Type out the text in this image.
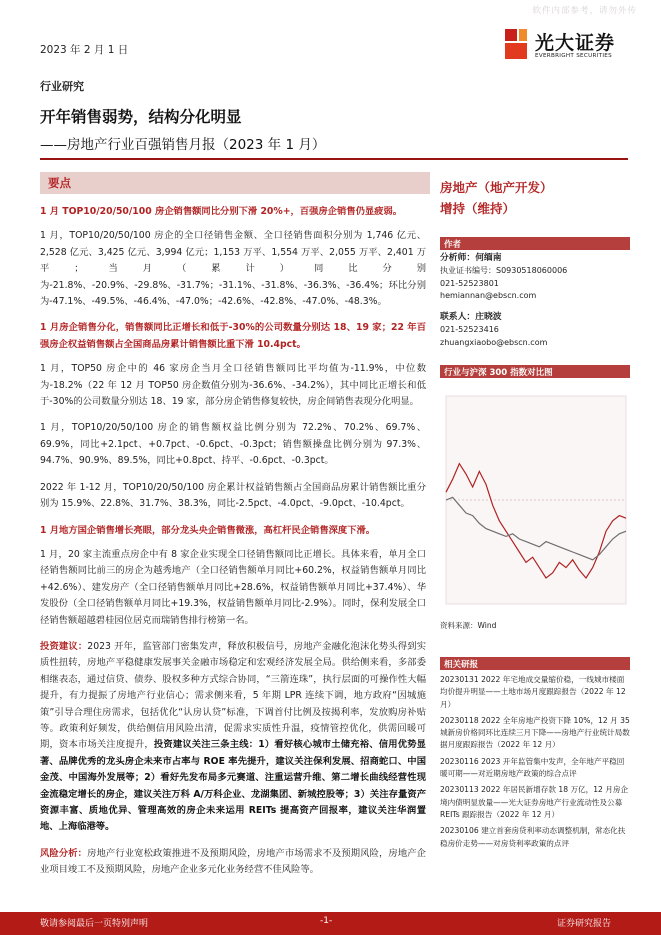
软件内部参考，请勿外传
2023 年 2 月 1 日	光大证券
EVERBRIGHT SECURITIES
行业研究
开年销售弱势，结构分化明显
——房地产行业百强销售月报（2023 年 1 月）
要点

1 月 TOP10/20/50/100 房企销售额同比分别下滑 20%+，百强房企销售仍显疲弱。

1 月，TOP10/20/50/100 房企的全口径销售金额、全口径销售面积分别为 1,746 亿元、2,528 亿元、3,425 亿元、3,994 亿元；1,153 万平、1,554 万平、2,055 万平、2,401 万平；当月（累计）同比分别为-21.8%、-20.9%、-29.8%、-31.7%；-31.1%、-31.8%、-36.3%、-36.4%；环比分别为-47.1%、-49.5%、-46.4%、-47.0%；-42.6%、-42.8%、-47.0%、-48.3%。

1 月房企销售分化，销售额同比正增长和低于-30%的公司数量分别达 18、19 家；22 年百强房企权益销售额占全国商品房累计销售额比重下滑 10.4pct。

1 月，TOP50 房企中的 46 家房企当月全口径销售额同比平均值为-11.9%，中位数为-18.2%（22 年 12 月 TOP50 房企数值分别为-36.6%、-34.2%），其中同比正增长和低于-30%的公司数量分别达 18、19 家，部分房企销售修复较快，房企间销售表现分化明显。

1 月，TOP10/20/50/100 房企的销售额权益比例分别为 72.2%、70.2%、69.7%、69.9%，同比+2.1pct、+0.7pct、-0.6pct、-0.3pct；销售额操盘比例分别为 97.3%、94.7%、90.9%、89.5%，同比+0.8pct、持平、-0.6pct、-0.3pct。

2022 年 1-12 月，TOP10/20/50/100 房企累计权益销售额占全国商品房累计销售额比重分别为 15.9%、22.8%、31.7%、38.3%，同比-2.5pct、-4.0pct、-9.0pct、-10.4pct。

1 月地方国企销售增长亮眼，部分龙头央企销售微涨，高杠杆民企销售深度下滑。

1 月，20 家主流重点房企中有 8 家企业实现全口径销售额同比正增长。具体来看，单月全口径销售额同比前三的房企为越秀地产（全口径销售额单月同比+60.2%，权益销售额单月同比+42.6%）、建发房产（全口径销售额单月同比+28.6%，权益销售额单月同比+37.4%）、华发股份（全口径销售额单月同比+19.3%，权益销售额单月同比-2.9%）。同时，保利发展全口径销售额超越碧桂园位居克而瑞销售排行榜第一名。

投资建议：2023 开年，监管部门密集发声，释放积极信号，房地产金融化泡沫化势头得到实质性扭转，房地产平稳健康发展事关金融市场稳定和宏观经济发展全局。供给侧来看，多部委相继表态，通过信贷、债券、股权多种方式综合协同，“三箭连珠”，执行层面的可操作性大幅提升，有力提振了房地产行业信心；需求侧来看，5 年期 LPR 连续下调，地方政府“因城施策”引导合理住房需求，包括优化“认房认贷”标准，下调首付比例及按揭利率，发放购房补贴等。政策利好频发，供给侧信用风险出清，促需求实质性升温，疫情管控优化，供需回暖可期，资本市场关注度提升，投资建议关注三条主线：1）看好核心城市土储充裕、信用优势显著、品牌优秀的龙头房企未来市占率与 ROE 率先提升，建议关注保利发展、招商蛇口、中国金茂、中国海外发展等；2）看好先发布局多元赛道、注重运营升维、第二增长曲线经营性现金流稳定增长的房企，建议关注万科 A/万科企业、龙湖集团、新城控股等；3）关注存量资产资源丰富、质地优异、管理高效的房企未来运用 REITs 提高资产回报率，建议关注华润置地、上海临港等。

风险分析：房地产行业宽松政策推进不及预期风险，房地产市场需求不及预期风险，房地产企业项目竣工不及预期风险，房地产企业多元化业务经营不佳风险等。

房地产（地产开发）
增持（维持）
作者

分析师：何缅南

执业证书编号：S0930518060006

021-52523801

hemiannan@ebscn.com

联系人：庄晓波

021-52523416

zhuangxiaobo@ebscn.com

行业与沪深 300 指数对比图
资料来源：Wind
相关研报

20230131 2022 年宅地成交量缩价稳，一线城市楼面均价提升明显——土地市场月度跟踪报告（2022 年 12 月）

20230118 2022 全年房地产投资下降 10%，12 月 35 城新房价格同环比连续三月下降——房地产行业统计局数据月度跟踪报告（2022 年 12 月）

20230116 2023 开年监管集中发声，全年地产平稳回暖可期——对近期房地产政策的综合点评

20230113 2022 年居民新增存款 18 万亿，12 月房企境内债明显放量——光大证券房地产行业流动性及公募 REITs 跟踪报告（2022 年 12 月）

20230106 建立首套房贷利率动态调整机制，常态化扶稳房价走势——对房贷利率政策的点评

敬请参阅最后一页特别声明	-1-	证券研究报告
